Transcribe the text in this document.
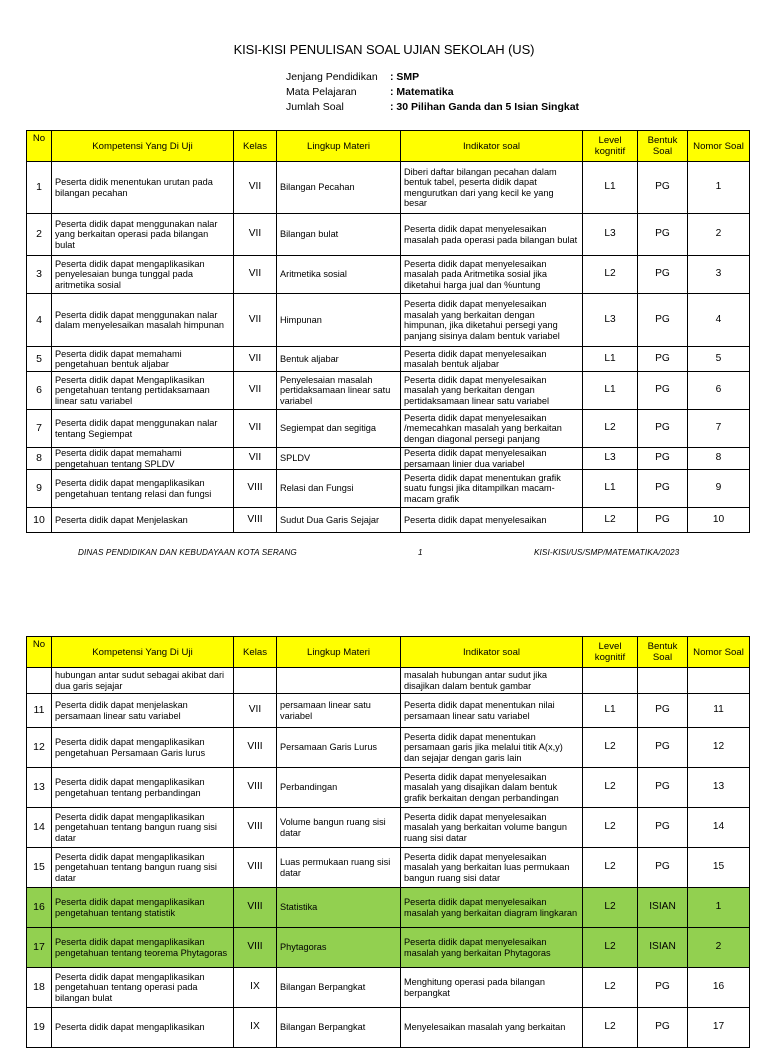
KISI-KISI PENULISAN SOAL UJIAN SEKOLAH (US)
Jenjang Pendidikan	: SMP
Mata Pelajaran	: Matematika
Jumlah Soal	: 30 Pilihan Ganda dan 5 Isian Singkat
No	Kompetensi Yang Di Uji	Kelas	Lingkup Materi	Indikator soal	Level kognitif	Bentuk Soal	Nomor Soal
1	Peserta didik menentukan urutan pada bilangan pecahan	VII	Bilangan Pecahan	Diberi daftar bilangan pecahan dalam bentuk tabel, peserta didik dapat mengurutkan dari yang kecil ke yang besar	L1	PG	1
2	Peserta didik dapat menggunakan nalar yang berkaitan operasi pada bilangan bulat	VII	Bilangan bulat	Peserta didik dapat menyelesaikan masalah pada operasi pada bilangan bulat	L3	PG	2
3	Peserta didik dapat mengaplikasikan penyelesaian bunga tunggal pada aritmetika sosial	VII	Aritmetika sosial	Peserta didik dapat menyelesaikan masalah pada Aritmetika sosial jika diketahui harga jual dan %untung	L2	PG	3
4	Peserta didik dapat menggunakan nalar dalam menyelesaikan masalah himpunan	VII	Himpunan	Peserta didik dapat menyelesaikan masalah yang berkaitan dengan himpunan, jika diketahui persegi yang panjang sisinya dalam bentuk variabel	L3	PG	4
5	Peserta didik dapat memahami pengetahuan bentuk aljabar	VII	Bentuk aljabar	Peserta didik dapat menyelesaikan masalah bentuk aljabar	L1	PG	5
6	Peserta didik dapat Mengaplikasikan pengetahuan tentang pertidaksamaan linear satu variabel	VII	Penyelesaian masalah pertidaksamaan linear satu variabel	Peserta didik dapat menyelesaikan masalah yang berkaitan dengan pertidaksamaan linear satu variabel	L1	PG	6
7	Peserta didik dapat menggunakan nalar tentang Segiempat	VII	Segiempat dan segitiga	Peserta didik dapat menyelesaikan /memecahkan masalah yang berkaitan dengan diagonal persegi panjang	L2	PG	7
8	Peserta didik dapat memahami pengetahuan tentang SPLDV	VII	SPLDV	Peserta didik dapat menyelesaikan persamaan linier dua variabel	L3	PG	8
9	Peserta didik dapat mengaplikasikan pengetahuan tentang relasi dan fungsi	VIII	Relasi dan Fungsi	Peserta didik dapat menentukan grafik suatu fungsi jika ditampilkan macam-macam grafik	L1	PG	9
10	Peserta didik dapat Menjelaskan	VIII	Sudut Dua Garis Sejajar	Peserta didik dapat menyelesaikan	L2	PG	10
DINAS PENDIDIKAN DAN KEBUDAYAAN KOTA SERANG	1	KISI-KISI/US/SMP/MATEMATIKA/2023
No	Kompetensi Yang Di Uji	Kelas	Lingkup Materi	Indikator soal	Level kognitif	Bentuk Soal	Nomor Soal
	hubungan antar sudut sebagai akibat dari dua garis sejajar			masalah hubungan antar sudut jika disajikan dalam bentuk gambar			
11	Peserta didik dapat menjelaskan persamaan linear satu variabel	VII	persamaan linear satu variabel	Peserta didik dapat menentukan nilai persamaan linear satu variabel	L1	PG	11
12	Peserta didik dapat mengaplikasikan pengetahuan Persamaan Garis lurus	VIII	Persamaan Garis Lurus	Peserta didik dapat menentukan persamaan garis jika melalui titik A(x,y) dan sejajar dengan garis lain	L2	PG	12
13	Peserta didik dapat mengaplikasikan pengetahuan tentang perbandingan	VIII	Perbandingan	Peserta didik dapat menyelesaikan masalah yang disajikan dalam bentuk grafik berkaitan dengan perbandingan	L2	PG	13
14	Peserta didik dapat mengaplikasikan pengetahuan tentang bangun ruang sisi datar	VIII	Volume bangun ruang sisi datar	Peserta didik dapat menyelesaikan masalah yang berkaitan volume bangun ruang sisi datar	L2	PG	14
15	Peserta didik dapat mengaplikasikan pengetahuan tentang bangun ruang sisi datar	VIII	Luas permukaan ruang sisi datar	Peserta didik dapat menyelesaikan masalah yang berkaitan luas permukaan bangun ruang sisi datar	L2	PG	15
16	Peserta didik dapat mengaplikasikan pengetahuan tentang statistik	VIII	Statistika	Peserta didik dapat menyelesaikan masalah yang berkaitan diagram lingkaran	L2	ISIAN	1
17	Peserta didik dapat mengaplikasikan pengetahuan tentang teorema Phytagoras	VIII	Phytagoras	Peserta didik dapat menyelesaikan masalah yang berkaitan Phytagoras	L2	ISIAN	2
18	Peserta didik dapat mengaplikasikan pengetahuan tentang operasi pada bilangan bulat	IX	Bilangan Berpangkat	Menghitung operasi pada bilangan berpangkat	L2	PG	16
19	Peserta didik dapat mengaplikasikan	IX	Bilangan Berpangkat	Menyelesaikan masalah yang berkaitan	L2	PG	17
